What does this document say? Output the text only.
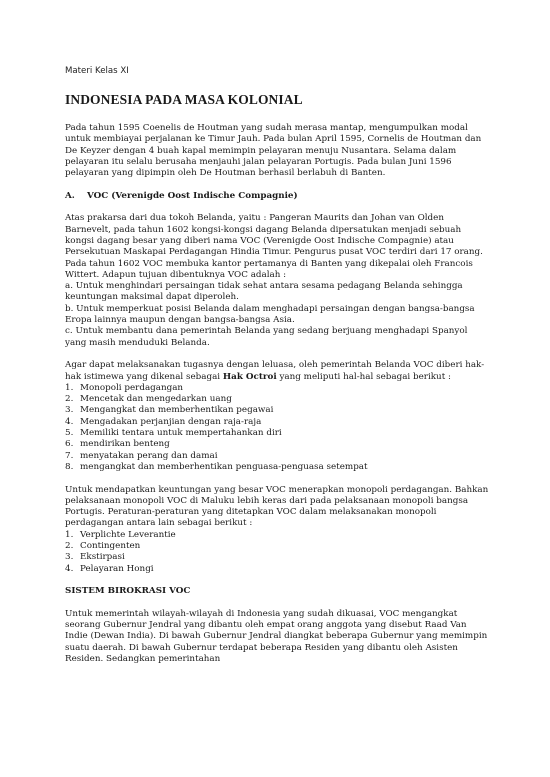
Materi Kelas XI
INDONESIA PADA MASA KOLONIAL

Pada tahun 1595 Coenelis de Houtman yang sudah merasa mantap, mengumpulkan modal untuk membiayai perjalanan ke Timur Jauh. Pada bulan April 1595, Cornelis de Houtman dan De Keyzer dengan 4 buah kapal memimpin pelayaran menuju Nusantara. Selama dalam pelayaran itu selalu berusaha menjauhi jalan pelayaran Portugis. Pada bulan Juni 1596 pelayaran yang dipimpin oleh De Houtman berhasil berlabuh di Banten.

A. VOC (Verenigde Oost Indische Compagnie)

Atas prakarsa dari dua tokoh Belanda, yaitu : Pangeran Maurits dan Johan van Olden Barnevelt, pada tahun 1602 kongsi-kongsi dagang Belanda dipersatukan menjadi sebuah kongsi dagang besar yang diberi nama VOC (Verenigde Oost Indische Compagnie) atau Persekutuan Maskapai Perdagangan Hindia Timur. Pengurus pusat VOC terdiri dari 17 orang. Pada tahun 1602 VOC membuka kantor pertamanya di Banten yang dikepalai oleh Francois Wittert. Adapun tujuan dibentuknya VOC adalah :

a. Untuk menghindari persaingan tidak sehat antara sesama pedagang Belanda sehingga keuntungan maksimal dapat diperoleh.

b. Untuk memperkuat posisi Belanda dalam menghadapi persaingan dengan bangsa-bangsa Eropa lainnya maupun dengan bangsa-bangsa Asia.

c. Untuk membantu dana pemerintah Belanda yang sedang berjuang menghadapi Spanyol yang masih menduduki Belanda.

Agar dapat melaksanakan tugasnya dengan leluasa, oleh pemerintah Belanda VOC diberi hak-hak istimewa yang dikenal sebagai Hak Octroi yang meliputi hal-hal sebagai berikut :

1. Monopoli perdagangan
2. Mencetak dan mengedarkan uang
3. Mengangkat dan memberhentikan pegawai
4. Mengadakan perjanjian dengan raja-raja
5. Memiliki tentara untuk mempertahankan diri
6. mendirikan benteng
7. menyatakan perang dan damai
8. mengangkat dan memberhentikan penguasa-penguasa setempat

Untuk mendapatkan keuntungan yang besar VOC menerapkan monopoli perdagangan. Bahkan pelaksanaan monopoli VOC di Maluku lebih keras dari pada pelaksanaan monopoli bangsa Portugis. Peraturan-peraturan yang ditetapkan VOC dalam melaksanakan monopoli perdagangan antara lain sebagai berikut :

1. Verplichte Leverantie
2. Contingenten
3. Ekstirpasi
4. Pelayaran Hongi
SISTEM BIROKRASI VOC

Untuk memerintah wilayah-wilayah di Indonesia yang sudah dikuasai, VOC mengangkat seorang Gubernur Jendral yang dibantu oleh empat orang anggota yang disebut Raad Van Indie (Dewan India). Di bawah Gubernur Jendral diangkat beberapa Gubernur yang memimpin suatu daerah. Di bawah Gubernur terdapat beberapa Residen yang dibantu oleh Asisten Residen. Sedangkan pemerintahan
